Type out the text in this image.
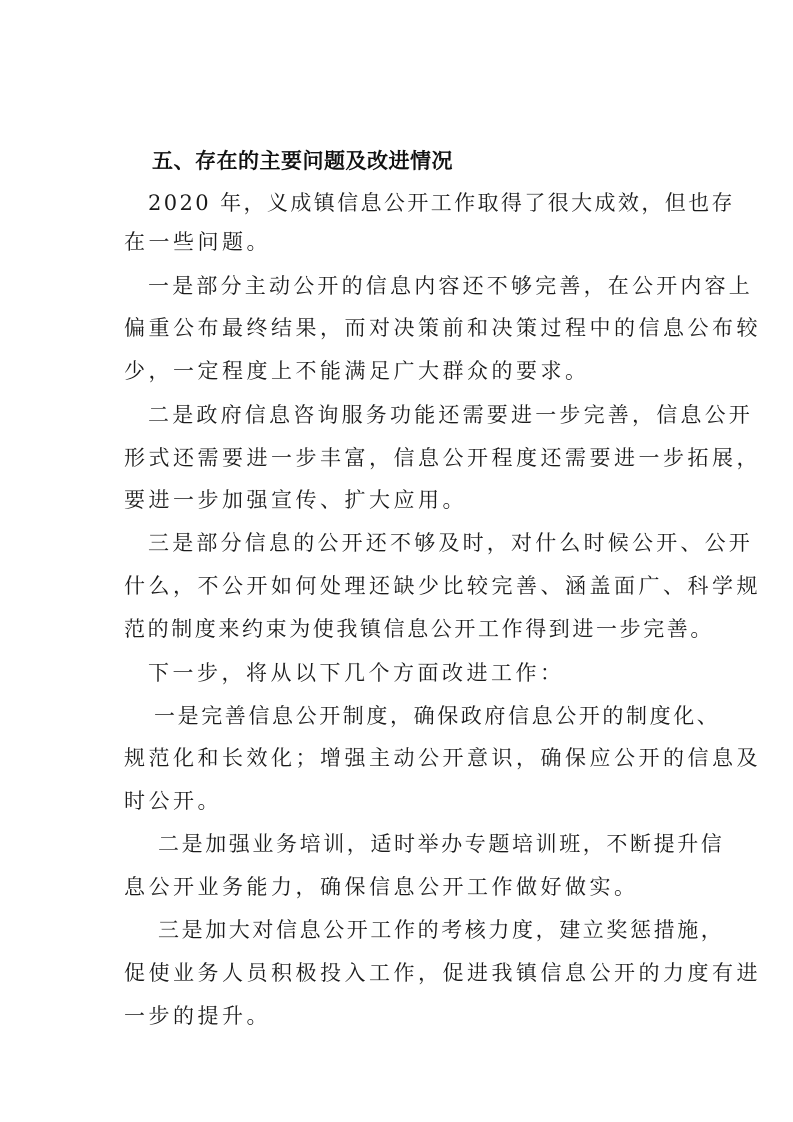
五、存在的主要问题及改进情况
2020 年，义成镇信息公开工作取得了很大成效，但也存
在一些问题。
一是部分主动公开的信息内容还不够完善，在公开内容上
偏重公布最终结果，而对决策前和决策过程中的信息公布较
少，一定程度上不能满足广大群众的要求。
二是政府信息咨询服务功能还需要进一步完善，信息公开
形式还需要进一步丰富，信息公开程度还需要进一步拓展，
要进一步加强宣传、扩大应用。
三是部分信息的公开还不够及时，对什么时候公开、公开
什么，不公开如何处理还缺少比较完善、涵盖面广、科学规
范的制度来约束为使我镇信息公开工作得到进一步完善。
下一步，将从以下几个方面改进工作：
一是完善信息公开制度，确保政府信息公开的制度化、
规范化和长效化；增强主动公开意识，确保应公开的信息及
时公开。
二是加强业务培训，适时举办专题培训班，不断提升信
息公开业务能力，确保信息公开工作做好做实。
三是加大对信息公开工作的考核力度，建立奖惩措施，
促使业务人员积极投入工作，促进我镇信息公开的力度有进
一步的提升。
